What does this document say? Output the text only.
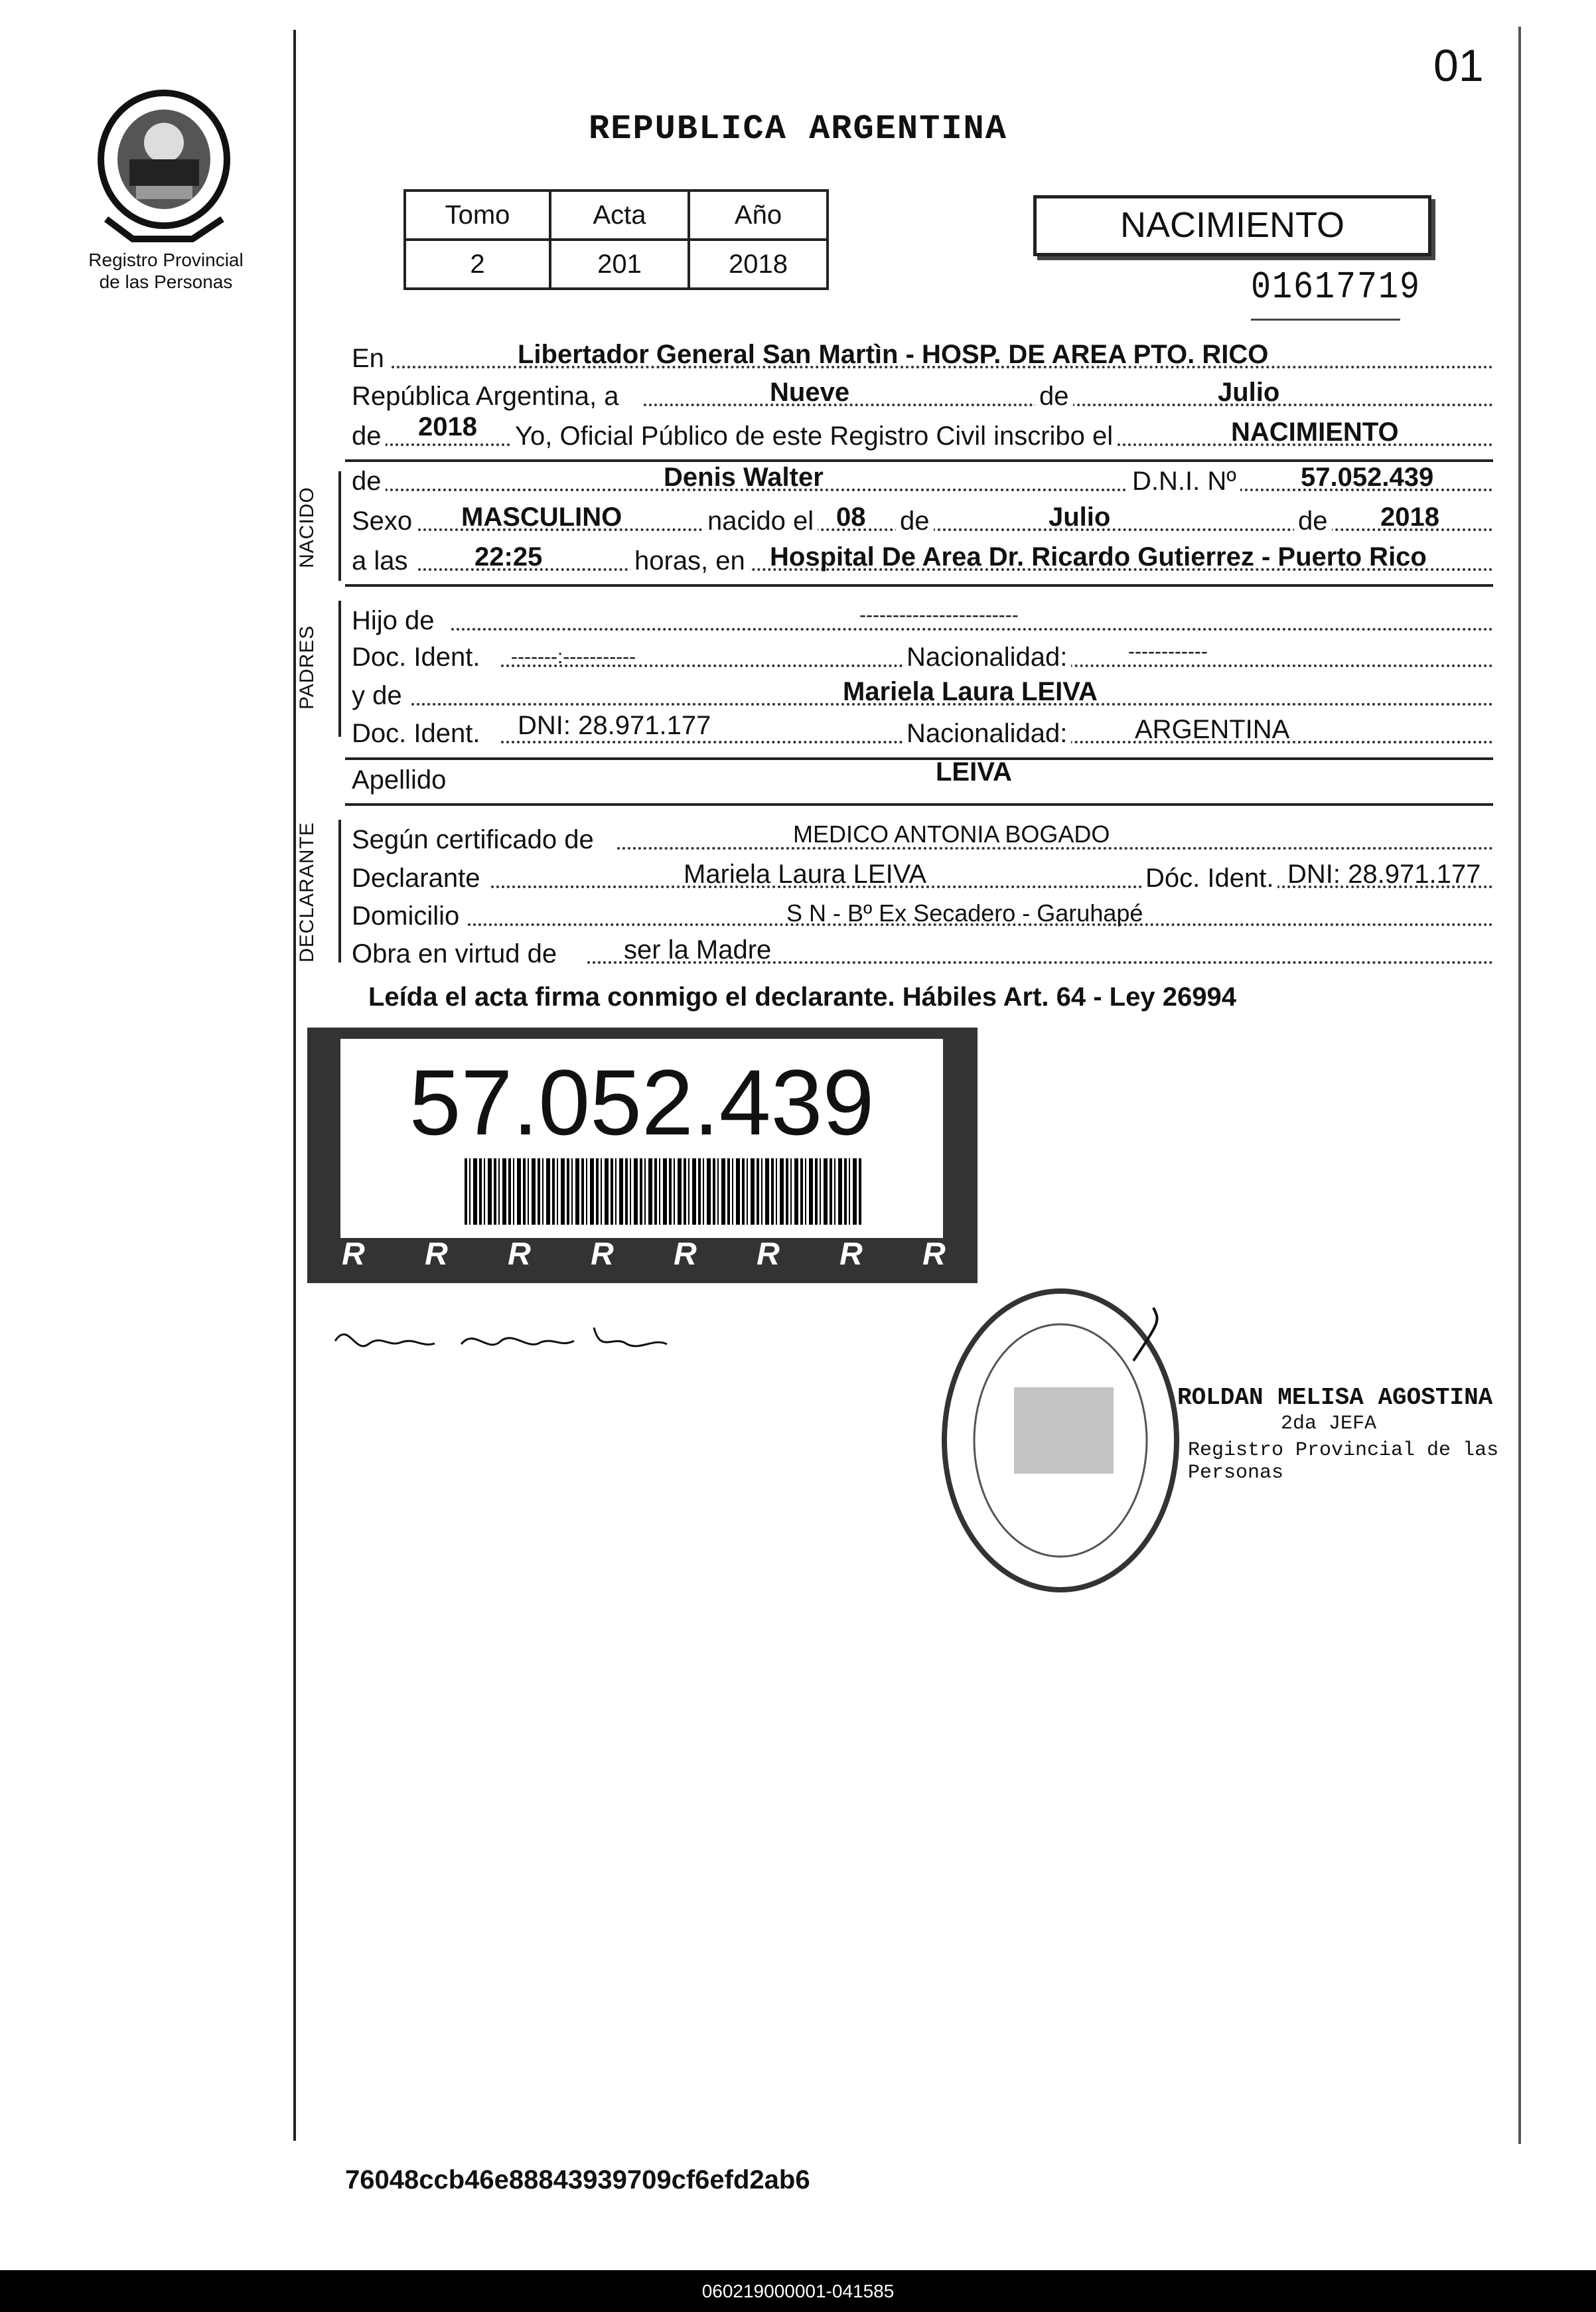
Registro Provincial
de las Personas
01
REPUBLICA ARGENTINA
Tomo	Acta	Año
2	201	2018
NACIMIENTO
01617719
En	Libertador General San Martìn - HOSP. DE AREA PTO. RICO
República Argentina, a	Nueve	de	Julio
de 2018 Yo, Oficial Público de este Registro Civil inscribo el	NACIMIENTO
NACIDO
de	Denis Walter	D.N.I. Nº 57.052.439
Sexo MASCULINO	nacido el 08 de	Julio	de 2018
a las	22:25	horas, en Hospital De Area Dr. Ricardo Gutierrez - Puerto Rico
PADRES
Hijo de	------------------------
Doc. Ident. -------:-----------	Nacionalidad:	------------
y de	Mariela Laura LEIVA
Doc. Ident. DNI: 28.971.177	Nacionalidad:	ARGENTINA
Apellido	LEIVA
DECLARANTE Según certificado de	MEDICO ANTONIA BOGADO
Declarante	Mariela Laura LEIVA	Dóc. Ident. DNI: 28.971.177
Domicilio	S N - Bº Ex Secadero - Garuhapé
Obra en virtud de	ser la Madre
Leída el acta firma conmigo el declarante. Hábiles Art. 64 - Ley 26994
57.052.439
R R R R R R R R
ROLDAN MELISA AGOSTINA
2da JEFA
Registro Provincial de las Personas
76048ccb46e88843939709cf6efd2ab6
060219000001-041585
